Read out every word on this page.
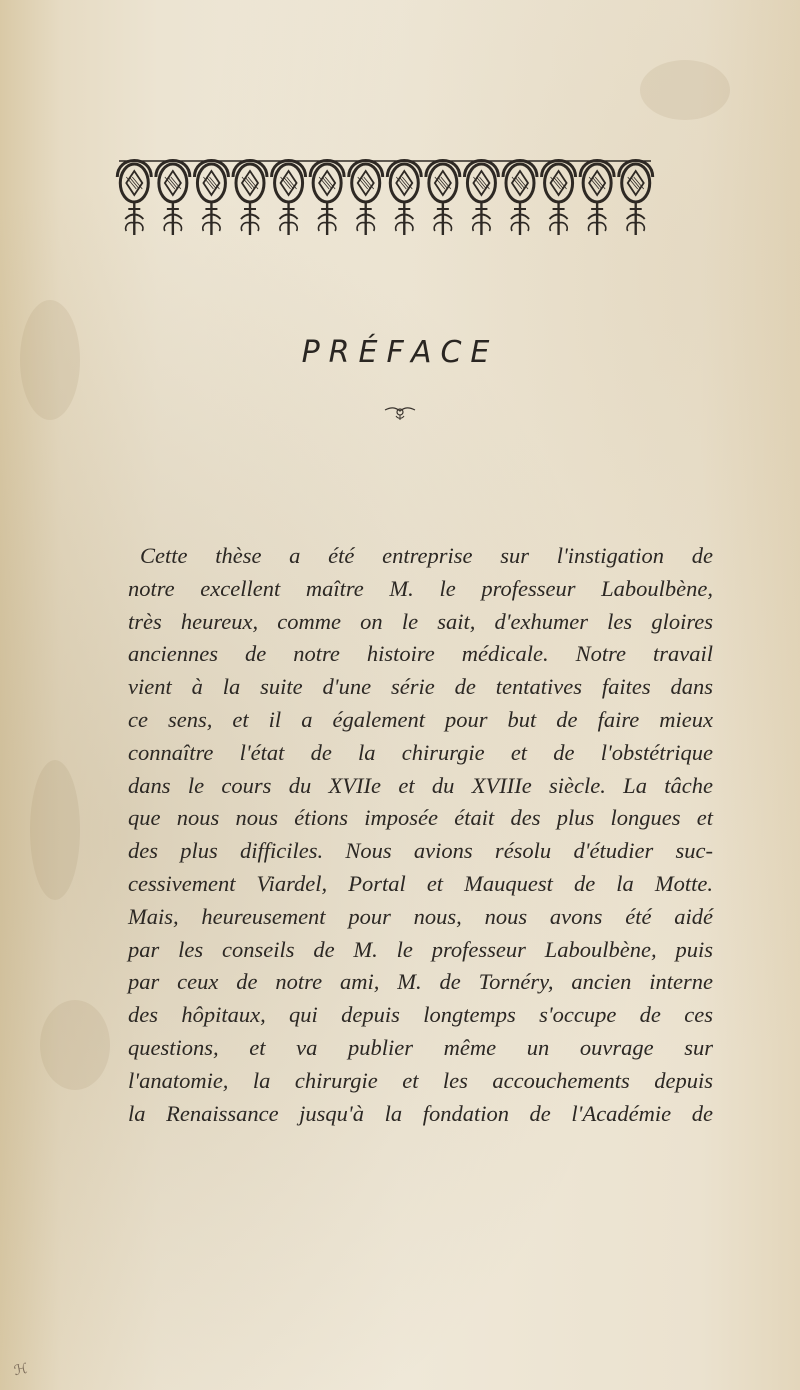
PRÉFACE
Cette thèse a été entreprise sur l'instigation de
notre excellent maître M. le professeur Laboulbène,
très heureux, comme on le sait, d'exhumer les gloires
anciennes de notre histoire médicale. Notre travail
vient à la suite d'une série de tentatives faites dans
ce sens, et il a également pour but de faire mieux
connaître l'état de la chirurgie et de l'obstétrique
dans le cours du XVIIe et du XVIIIe siècle. La tâche
que nous nous étions imposée était des plus longues et
des plus difficiles. Nous avions résolu d'étudier suc-
cessivement Viardel, Portal et Mauquest de la Motte.
Mais, heureusement pour nous, nous avons été aidé
par les conseils de M. le professeur Laboulbène, puis
par ceux de notre ami, M. de Tornéry, ancien interne
des hôpitaux, qui depuis longtemps s'occupe de ces
questions, et va publier même un ouvrage sur
l'anatomie, la chirurgie et les accouchements depuis
la Renaissance jusqu'à la fondation de l'Académie de
ℋ
